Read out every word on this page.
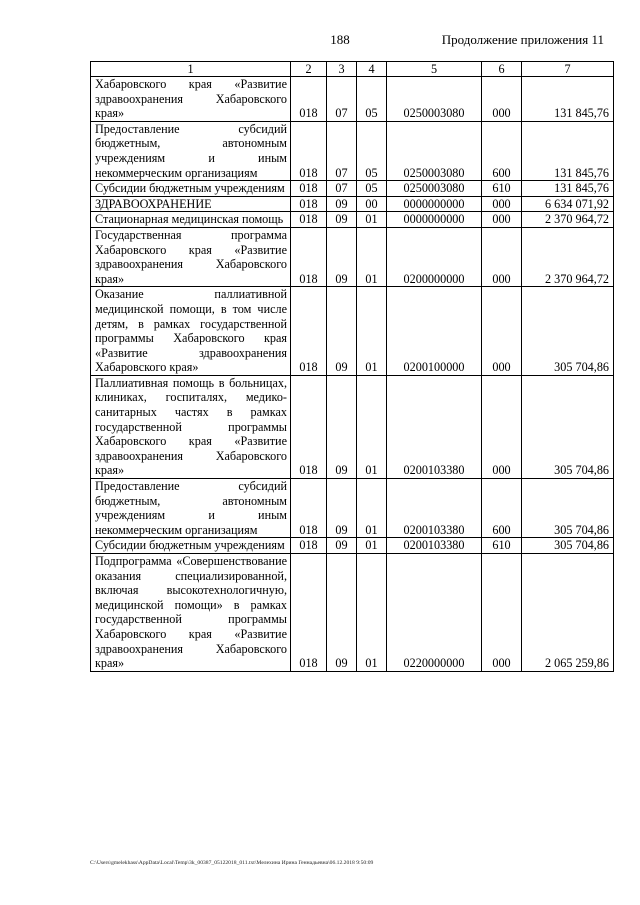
188	Продолжение приложения 11
1	2	3	4	5	6	7
Хабаровского края «Развитие здравоохранения Хабаровского края»	018	07	05	0250003080	000	131 845,76
Предоставление субсидий бюджетным, автономным учреждениям и иным некоммерческим организациям	018	07	05	0250003080	600	131 845,76
Субсидии бюджетным учреждениям	018	07	05	0250003080	610	131 845,76
ЗДРАВООХРАНЕНИЕ	018	09	00	0000000000	000	6 634 071,92
Стационарная медицинская помощь	018	09	01	0000000000	000	2 370 964,72
Государственная программа Хабаровского края «Развитие здравоохранения Хабаровского края»	018	09	01	0200000000	000	2 370 964,72
Оказание паллиативной медицинской помощи, в том числе детям, в рамках государственной программы Хабаровского края «Развитие здравоохранения Хабаровского края»	018	09	01	0200100000	000	305 704,86
Паллиативная помощь в больницах, клиниках, госпиталях, медико-санитарных частях в рамках государственной программы Хабаровского края «Развитие здравоохранения Хабаровского края»	018	09	01	0200103380	000	305 704,86
Предоставление субсидий бюджетным, автономным учреждениям и иным некоммерческим организациям	018	09	01	0200103380	600	305 704,86
Субсидии бюджетным учреждениям	018	09	01	0200103380	610	305 704,86
Подпрограмма «Совершенствование оказания специализированной, включая высокотехнологичную, медицинской помощи» в рамках государственной программы Хабаровского края «Развитие здравоохранения Хабаровского края»	018	09	01	0220000000	000	2 065 259,86
C:\Users\gmelekhass\AppData\Local\Temp\3k_00387_05122018_011.txt\Мелехина Ирина Геннадьевна\06.12.2018 9:50:09
